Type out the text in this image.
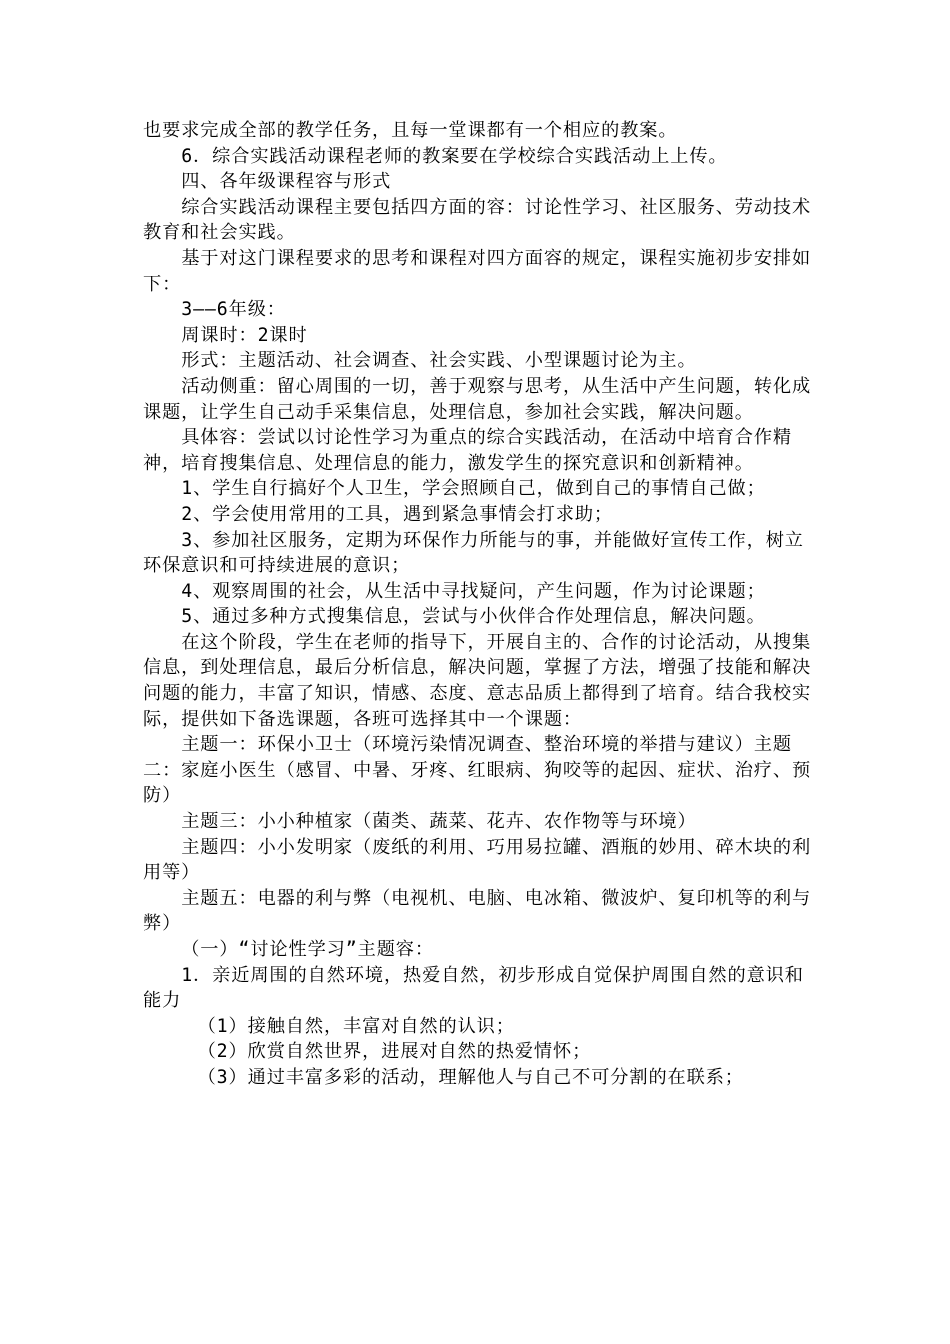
也要求完成全部的教学任务，且每一堂课都有一个相应的教案。

6．综合实践活动课程老师的教案要在学校综合实践活动上上传。

四、各年级课程容与形式

综合实践活动课程主要包括四方面的容：讨论性学习、社区服务、劳动技术教育和社会实践。

基于对这门课程要求的思考和课程对四方面容的规定，课程实施初步安排如下：

3——6年级：

周课时：2课时

形式：主题活动、社会调查、社会实践、小型课题讨论为主。

活动侧重：留心周围的一切，善于观察与思考，从生活中产生问题，转化成课题，让学生自己动手采集信息，处理信息，参加社会实践，解决问题。

具体容：尝试以讨论性学习为重点的综合实践活动，在活动中培育合作精神，培育搜集信息、处理信息的能力，激发学生的探究意识和创新精神。

1、学生自行搞好个人卫生，学会照顾自己，做到自己的事情自己做；

2、学会使用常用的工具，遇到紧急事情会打求助；

3、参加社区服务，定期为环保作力所能与的事，并能做好宣传工作，树立环保意识和可持续进展的意识；

4、观察周围的社会，从生活中寻找疑问，产生问题，作为讨论课题；

5、通过多种方式搜集信息，尝试与小伙伴合作处理信息，解决问题。

在这个阶段，学生在老师的指导下，开展自主的、合作的讨论活动，从搜集信息，到处理信息，最后分析信息，解决问题，掌握了方法，增强了技能和解决问题的能力，丰富了知识，情感、态度、意志品质上都得到了培育。结合我校实际，提供如下备选课题，各班可选择其中一个课题：

主题一：环保小卫士（环境污染情况调查、整治环境的举措与建议）主题二：家庭小医生（感冒、中暑、牙疼、红眼病、狗咬等的起因、症状、治疗、预防）

主题三：小小种植家（菌类、蔬菜、花卉、农作物等与环境）

主题四：小小发明家（废纸的利用、巧用易拉罐、酒瓶的妙用、碎木块的利用等）

主题五：电器的利与弊（电视机、电脑、电冰箱、微波炉、复印机等的利与弊）

（一）“讨论性学习”主题容：

1．亲近周围的自然环境，热爱自然，初步形成自觉保护周围自然的意识和能力

（1）接触自然，丰富对自然的认识；

（2）欣赏自然世界，进展对自然的热爱情怀；

（3）通过丰富多彩的活动，理解他人与自己不可分割的在联系；
